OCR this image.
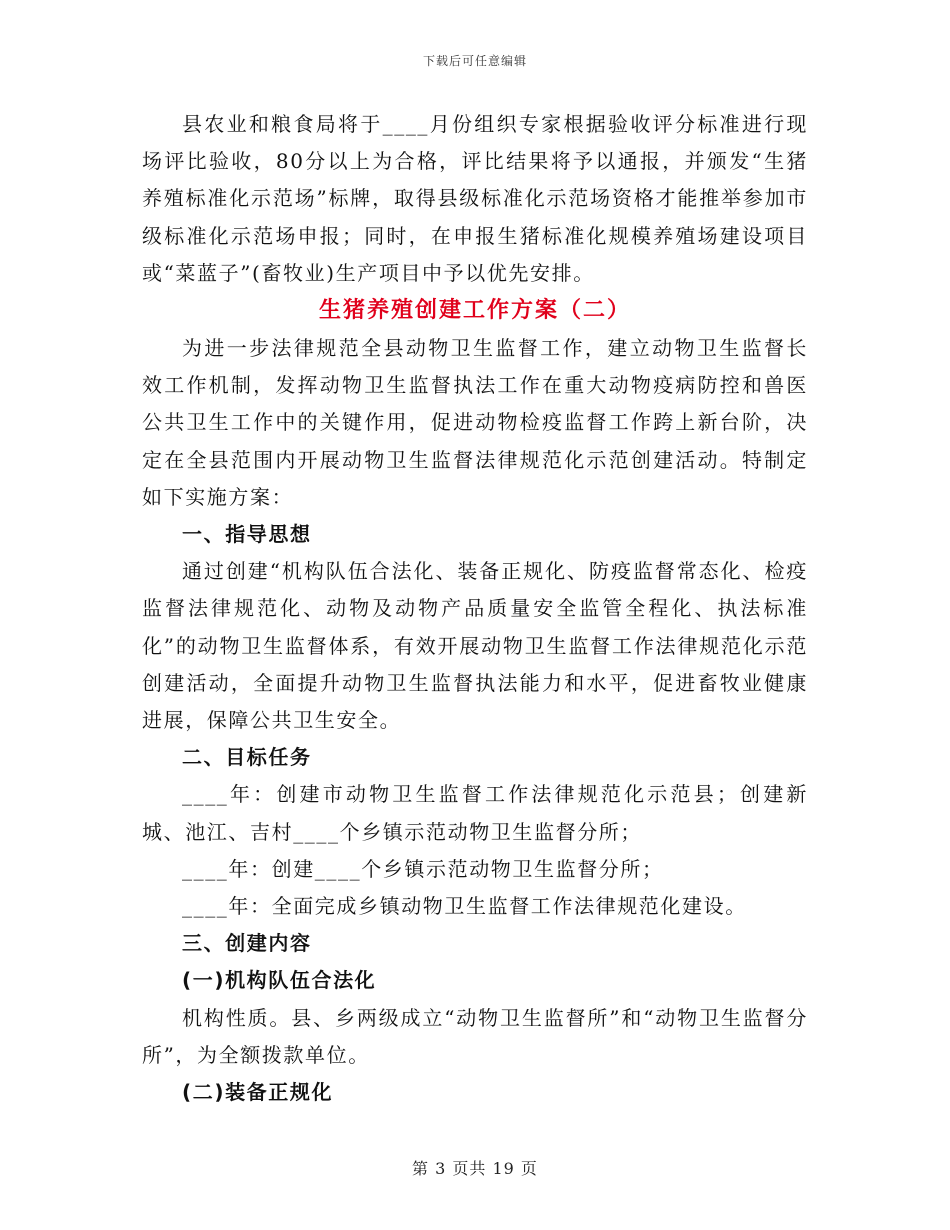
下载后可任意编辑

县农业和粮食局将于____月份组织专家根据验收评分标准进行现场评比验收，80分以上为合格，评比结果将予以通报，并颁发“生猪养殖标准化示范场”标牌，取得县级标准化示范场资格才能推举参加市级标准化示范场申报；同时，在申报生猪标准化规模养殖场建设项目或“菜蓝子”(畜牧业)生产项目中予以优先安排。

生猪养殖创建工作方案（二）

为进一步法律规范全县动物卫生监督工作，建立动物卫生监督长效工作机制，发挥动物卫生监督执法工作在重大动物疫病防控和兽医公共卫生工作中的关键作用，促进动物检疫监督工作跨上新台阶，决定在全县范围内开展动物卫生监督法律规范化示范创建活动。特制定如下实施方案：

一、指导思想

通过创建“机构队伍合法化、装备正规化、防疫监督常态化、检疫监督法律规范化、动物及动物产品质量安全监管全程化、执法标准化”的动物卫生监督体系，有效开展动物卫生监督工作法律规范化示范创建活动，全面提升动物卫生监督执法能力和水平，促进畜牧业健康进展，保障公共卫生安全。

二、目标任务

____年：创建市动物卫生监督工作法律规范化示范县；创建新城、池江、吉村____个乡镇示范动物卫生监督分所；

____年：创建____个乡镇示范动物卫生监督分所；

____年：全面完成乡镇动物卫生监督工作法律规范化建设。

三、创建内容

(一)机构队伍合法化

机构性质。县、乡两级成立“动物卫生监督所”和“动物卫生监督分所”，为全额拨款单位。

(二)装备正规化

第 3 页共 19 页
